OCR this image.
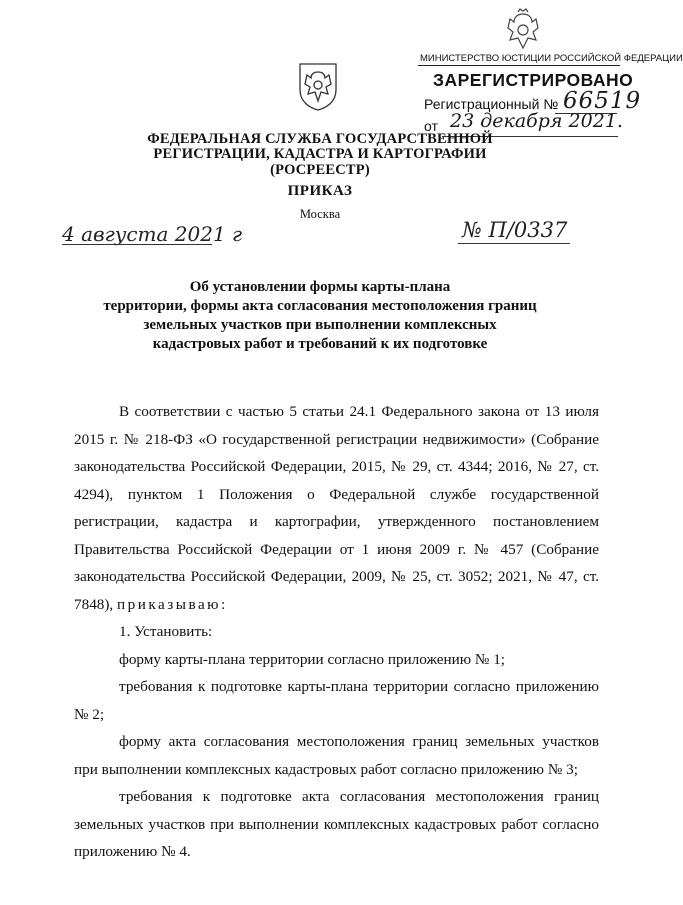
МИНИСТЕРСТВО ЮСТИЦИИ РОССИЙСКОЙ ФЕДЕРАЦИИ
ЗАРЕГИСТРИРОВАНО
Регистрационный № 66519
от 23 декабря 2021.
ФЕДЕРАЛЬНАЯ СЛУЖБА ГОСУДАРСТВЕННОЙ
РЕГИСТРАЦИИ, КАДАСТРА И КАРТОГРАФИИ
(РОСРЕЕСТР)
ПРИКАЗ
Москва
4 августа 2021 г	№ П/0337
Об установлении формы карты-плана
территории, формы акта согласования местоположения границ
земельных участков при выполнении комплексных
кадастровых работ и требований к их подготовке

В соответствии с частью 5 статьи 24.1 Федерального закона от 13 июля 2015 г. № 218-ФЗ «О государственной регистрации недвижимости» (Собрание законодательства Российской Федерации, 2015, № 29, ст. 4344; 2016, № 27, ст. 4294), пунктом 1 Положения о Федеральной службе государственной регистрации, кадастра и картографии, утвержденного постановлением Правительства Российской Федерации от 1 июня 2009 г. № 457 (Собрание законодательства Российской Федерации, 2009, № 25, ст. 3052; 2021, № 47, ст. 7848), приказываю:

1. Установить:

форму карты-плана территории согласно приложению № 1;

требования к подготовке карты-плана территории согласно приложению № 2;

форму акта согласования местоположения границ земельных участков при выполнении комплексных кадастровых работ согласно приложению № 3;

требования к подготовке акта согласования местоположения границ земельных участков при выполнении комплексных кадастровых работ согласно приложению № 4.
